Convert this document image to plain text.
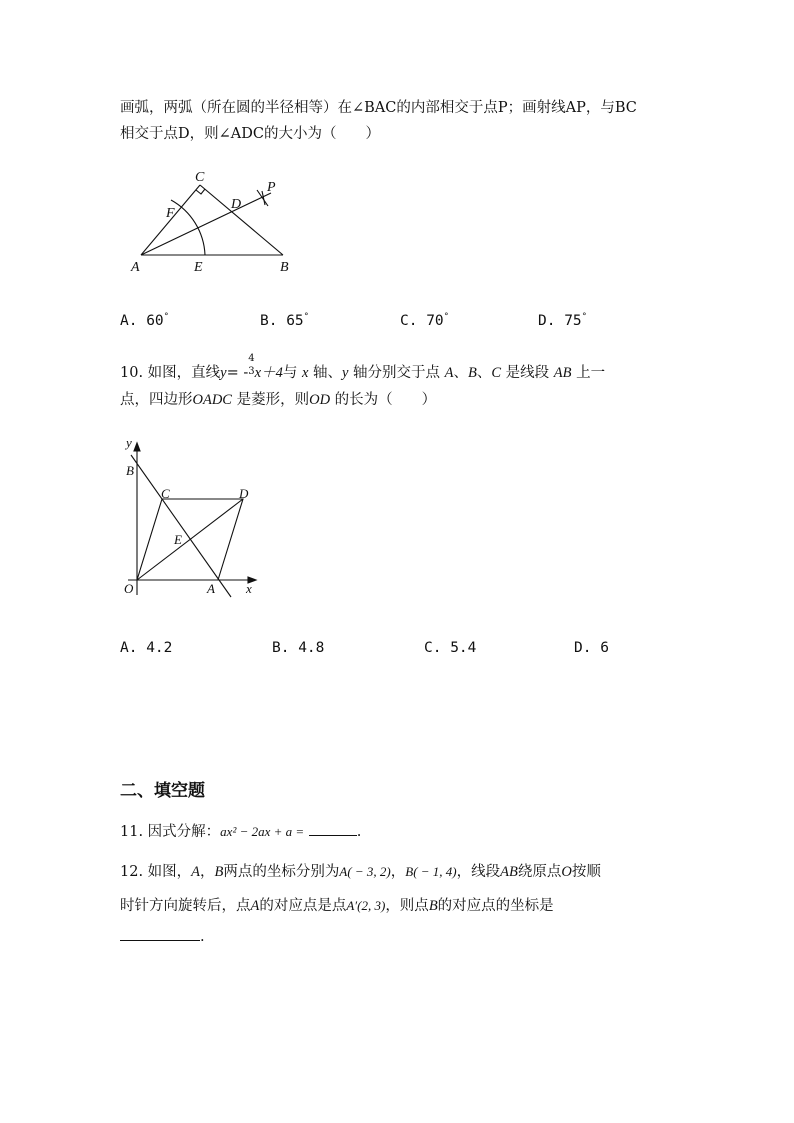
画弧，两弧（所在圆的半径相等）在∠BAC的内部相交于点P；画射线AP，与BC
相交于点D，则∠ADC的大小为（　　）
A	E	B
C
F
D
P
A. 60°	B. 65°	C. 70°	D. 75°
10. 如图，直线y= -
4
3 x＋4与 x 轴、y 轴分别交于点 A、B、C 是线段 AB 上一
点，四边形OADC 是菱形，则OD 的长为（　　）
y
B
C	D
E
O	A x
A. 4.2	B. 4.8	C. 5.4	D. 6
二、填空题
11. 因式分解：ax² − 2ax + a =	.
12. 如图，A，B两点的坐标分别为A( − 3, 2)，B( − 1, 4)，线段AB绕原点O按顺
时针方向旋转后，点A的对应点是点A′(2, 3)，则点B的对应点的坐标是
.
